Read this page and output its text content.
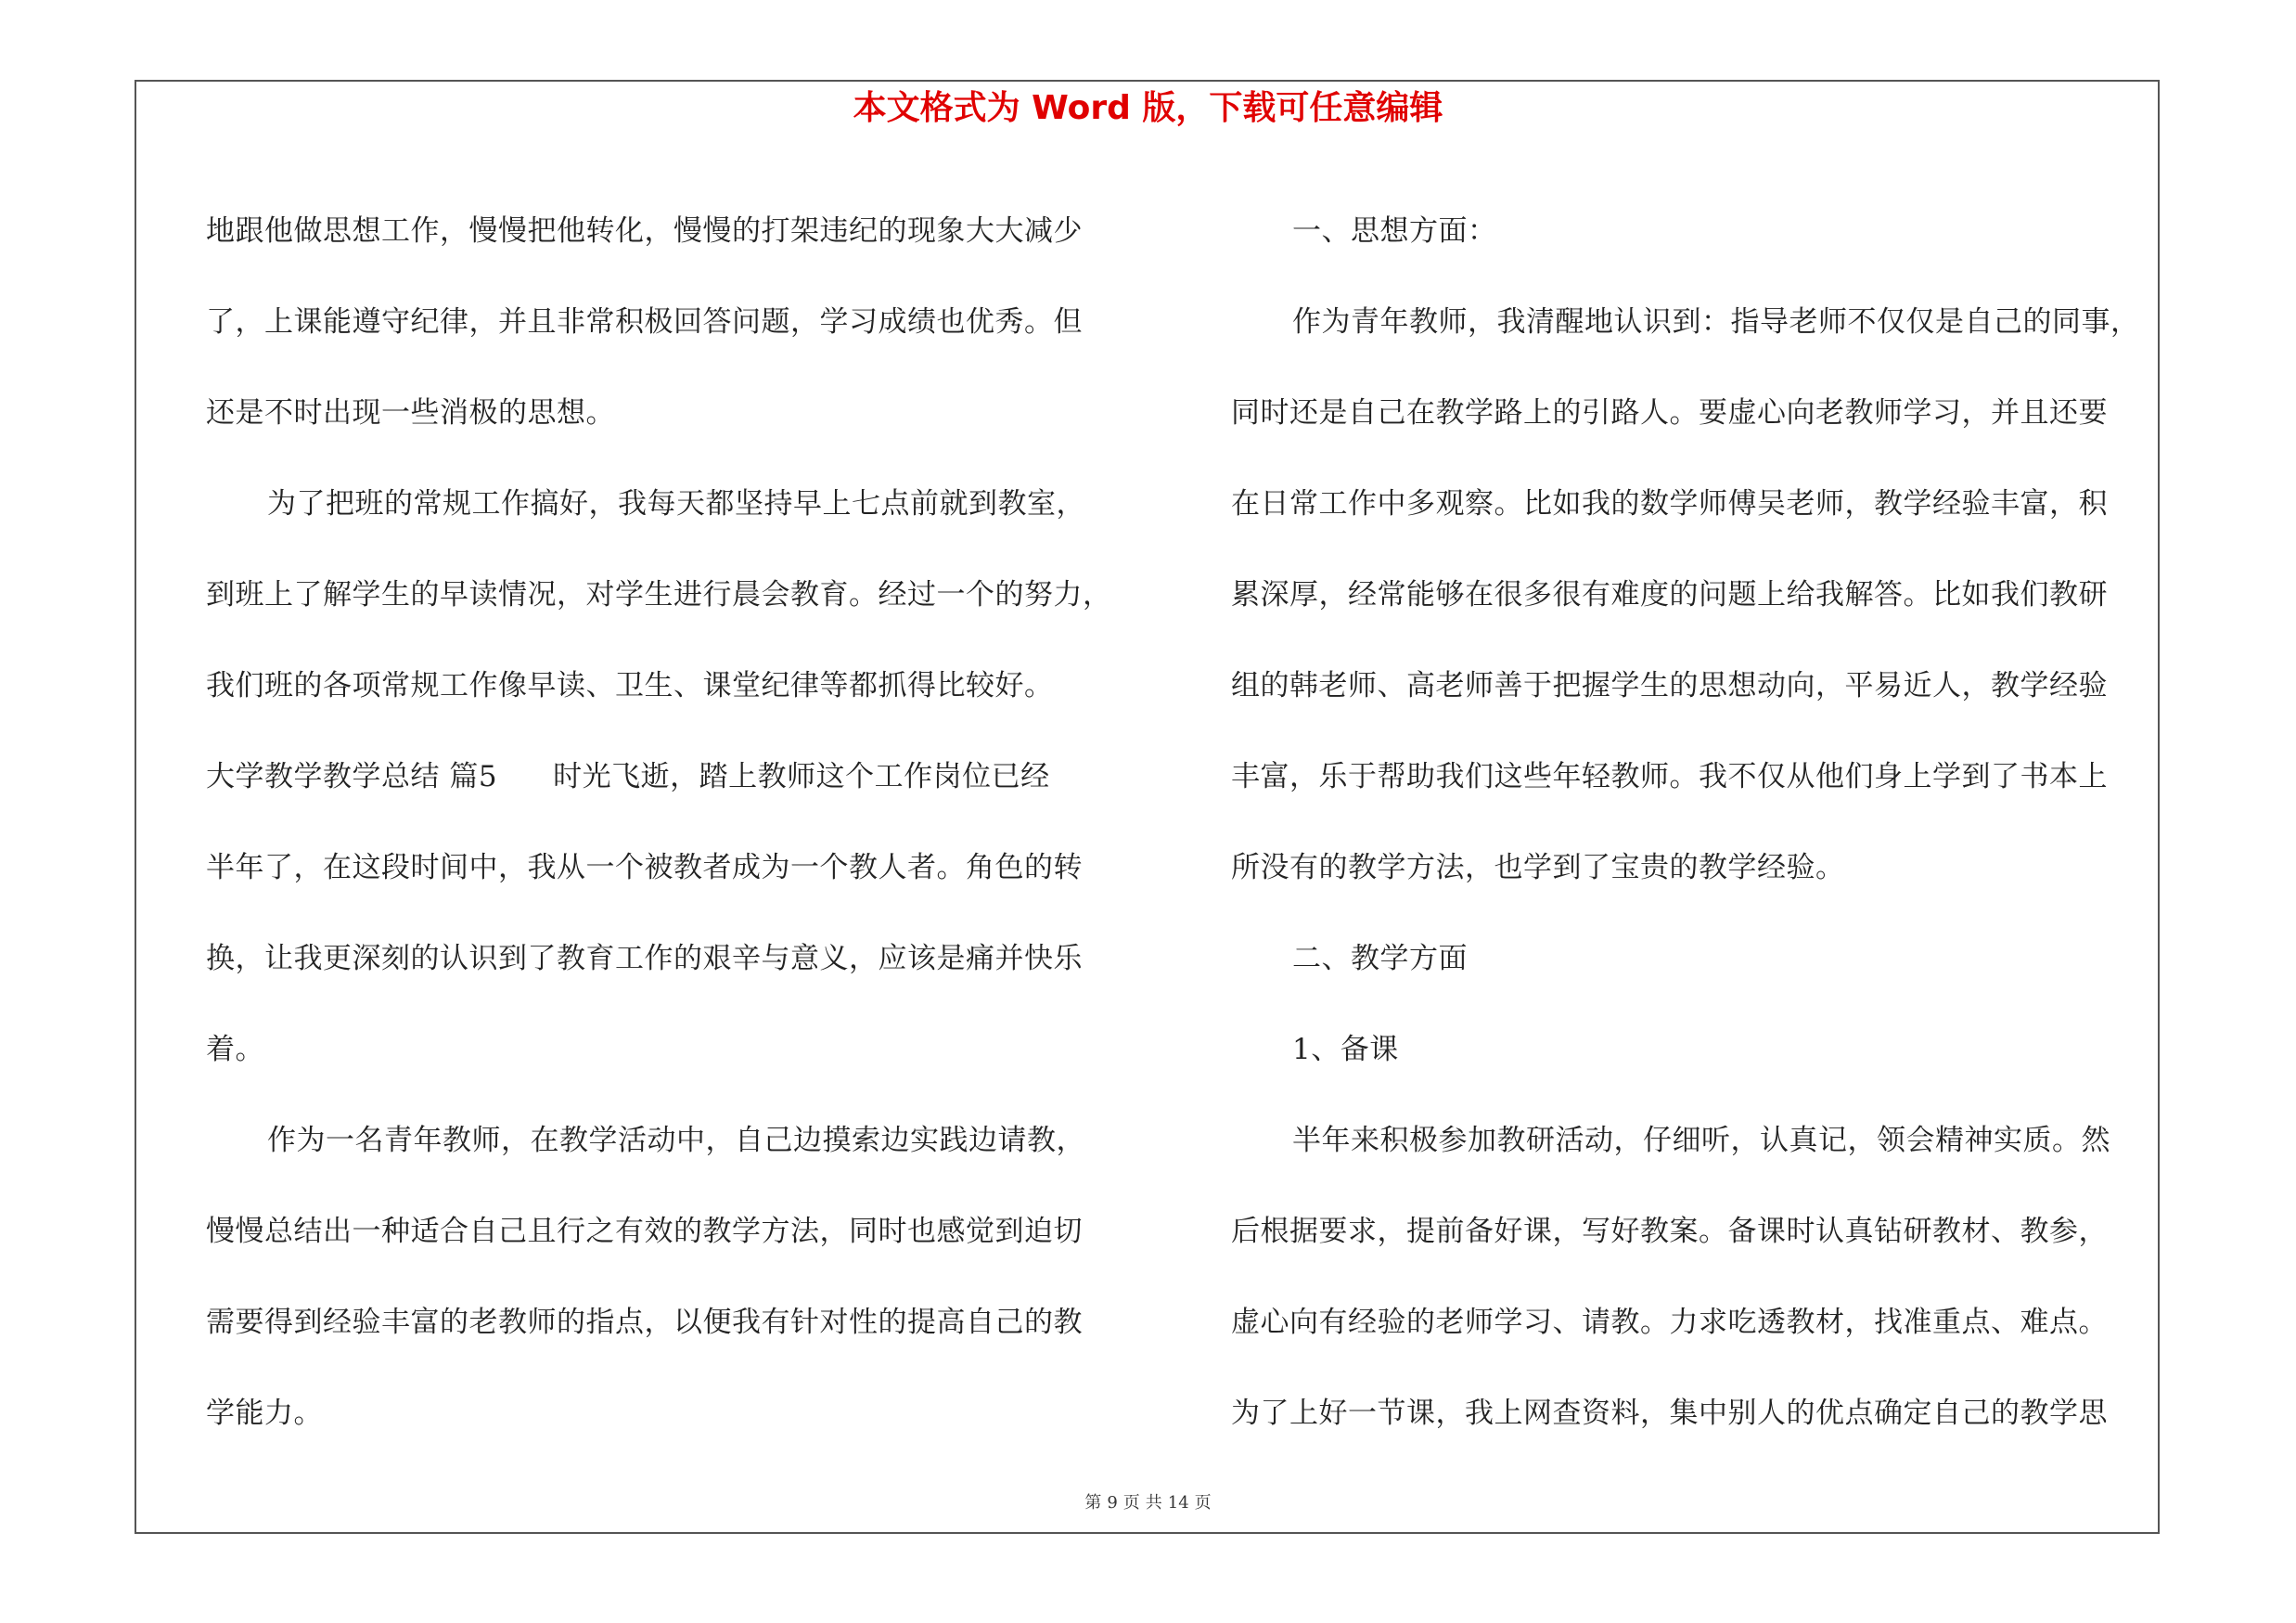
本文格式为 Word 版，下载可任意编辑
地跟他做思想工作，慢慢把他转化，慢慢的打架违纪的现象大大减少
了，上课能遵守纪律，并且非常积极回答问题，学习成绩也优秀。但
还是不时出现一些消极的思想。
为了把班的常规工作搞好，我每天都坚持早上七点前就到教室，
到班上了解学生的早读情况，对学生进行晨会教育。经过一个的努力，
我们班的各项常规工作像早读、卫生、课堂纪律等都抓得比较好。
大学教学教学总结 篇5 时光飞逝，踏上教师这个工作岗位已经
半年了，在这段时间中，我从一个被教者成为一个教人者。角色的转
换，让我更深刻的认识到了教育工作的艰辛与意义，应该是痛并快乐
着。
作为一名青年教师，在教学活动中，自己边摸索边实践边请教，
慢慢总结出一种适合自己且行之有效的教学方法，同时也感觉到迫切
需要得到经验丰富的老教师的指点，以便我有针对性的提高自己的教
学能力。
一、思想方面：
作为青年教师，我清醒地认识到：指导老师不仅仅是自己的同事，
同时还是自己在教学路上的引路人。要虚心向老教师学习，并且还要
在日常工作中多观察。比如我的数学师傅吴老师，教学经验丰富，积
累深厚，经常能够在很多很有难度的问题上给我解答。比如我们教研
组的韩老师、高老师善于把握学生的思想动向，平易近人，教学经验
丰富，乐于帮助我们这些年轻教师。我不仅从他们身上学到了书本上
所没有的教学方法，也学到了宝贵的教学经验。
二、教学方面
1、备课
半年来积极参加教研活动，仔细听，认真记，领会精神实质。然
后根据要求，提前备好课，写好教案。备课时认真钻研教材、教参，
虚心向有经验的老师学习、请教。力求吃透教材，找准重点、难点。
为了上好一节课，我上网查资料，集中别人的优点确定自己的教学思
第 9 页 共 14 页
